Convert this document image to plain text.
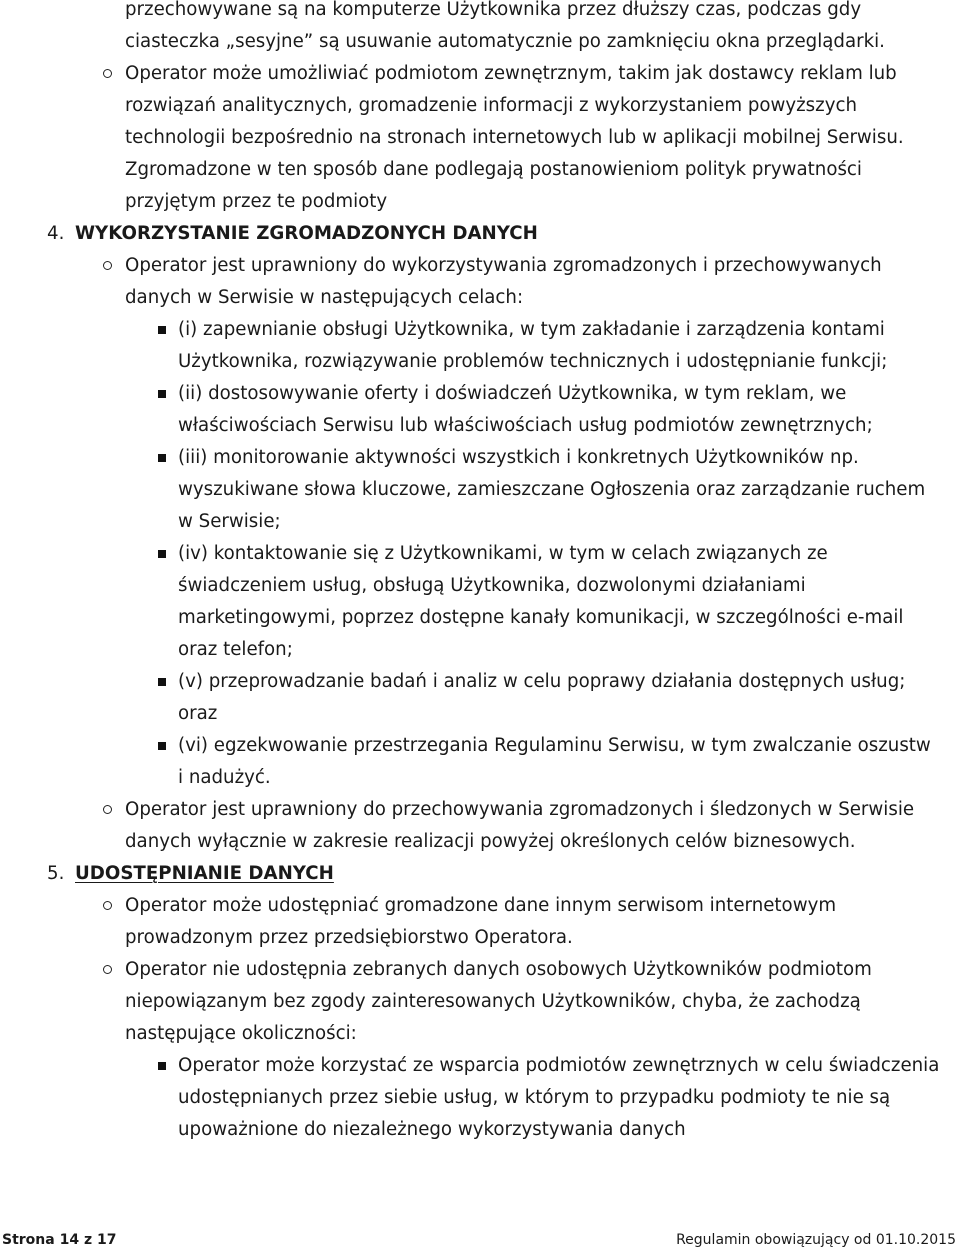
przechowywane są na komputerze Użytkownika przez dłuższy czas, podczas gdy ciasteczka „sesyjne” są usuwanie automatycznie po zamknięciu okna przeglądarki.

Operator może umożliwiać podmiotom zewnętrznym, takim jak dostawcy reklam lub rozwiązań analitycznych, gromadzenie informacji z wykorzystaniem powyższych technologii bezpośrednio na stronach internetowych lub w aplikacji mobilnej Serwisu. Zgromadzone w ten sposób dane podlegają postanowieniom polityk prywatności przyjętym przez te podmioty
4. WYKORZYSTANIE ZGROMADZONYCH DANYCH
Operator jest uprawniony do wykorzystywania zgromadzonych i przechowywanych danych w Serwisie w następujących celach:
(i) zapewnianie obsługi Użytkownika, w tym zakładanie i zarządzenia kontami Użytkownika, rozwiązywanie problemów technicznych i udostępnianie funkcji;
(ii) dostosowywanie oferty i doświadczeń Użytkownika, w tym reklam, we właściwościach Serwisu lub właściwościach usług podmiotów zewnętrznych;
(iii) monitorowanie aktywności wszystkich i konkretnych Użytkowników np. wyszukiwane słowa kluczowe, zamieszczane Ogłoszenia oraz zarządzanie ruchem w Serwisie;
(iv) kontaktowanie się z Użytkownikami, w tym w celach związanych ze świadczeniem usług, obsługą Użytkownika, dozwolonymi działaniami marketingowymi, poprzez dostępne kanały komunikacji, w szczególności e-mail oraz telefon;
(v) przeprowadzanie badań i analiz w celu poprawy działania dostępnych usług; oraz
(vi) egzekwowanie przestrzegania Regulaminu Serwisu, w tym zwalczanie oszustw i nadużyć.
Operator jest uprawniony do przechowywania zgromadzonych i śledzonych w Serwisie danych wyłącznie w zakresie realizacji powyżej określonych celów biznesowych.
5. UDOSTĘPNIANIE DANYCH
Operator może udostępniać gromadzone dane innym serwisom internetowym prowadzonym przez przedsiębiorstwo Operatora.
Operator nie udostępnia zebranych danych osobowych Użytkowników podmiotom niepowiązanym bez zgody zainteresowanych Użytkowników, chyba, że zachodzą następujące okoliczności:
Operator może korzystać ze wsparcia podmiotów zewnętrznych w celu świadczenia udostępnianych przez siebie usług, w którym to przypadku podmioty te nie są upoważnione do niezależnego wykorzystywania danych
Strona 14 z 17	Regulamin obowiązujący od 01.10.2015
